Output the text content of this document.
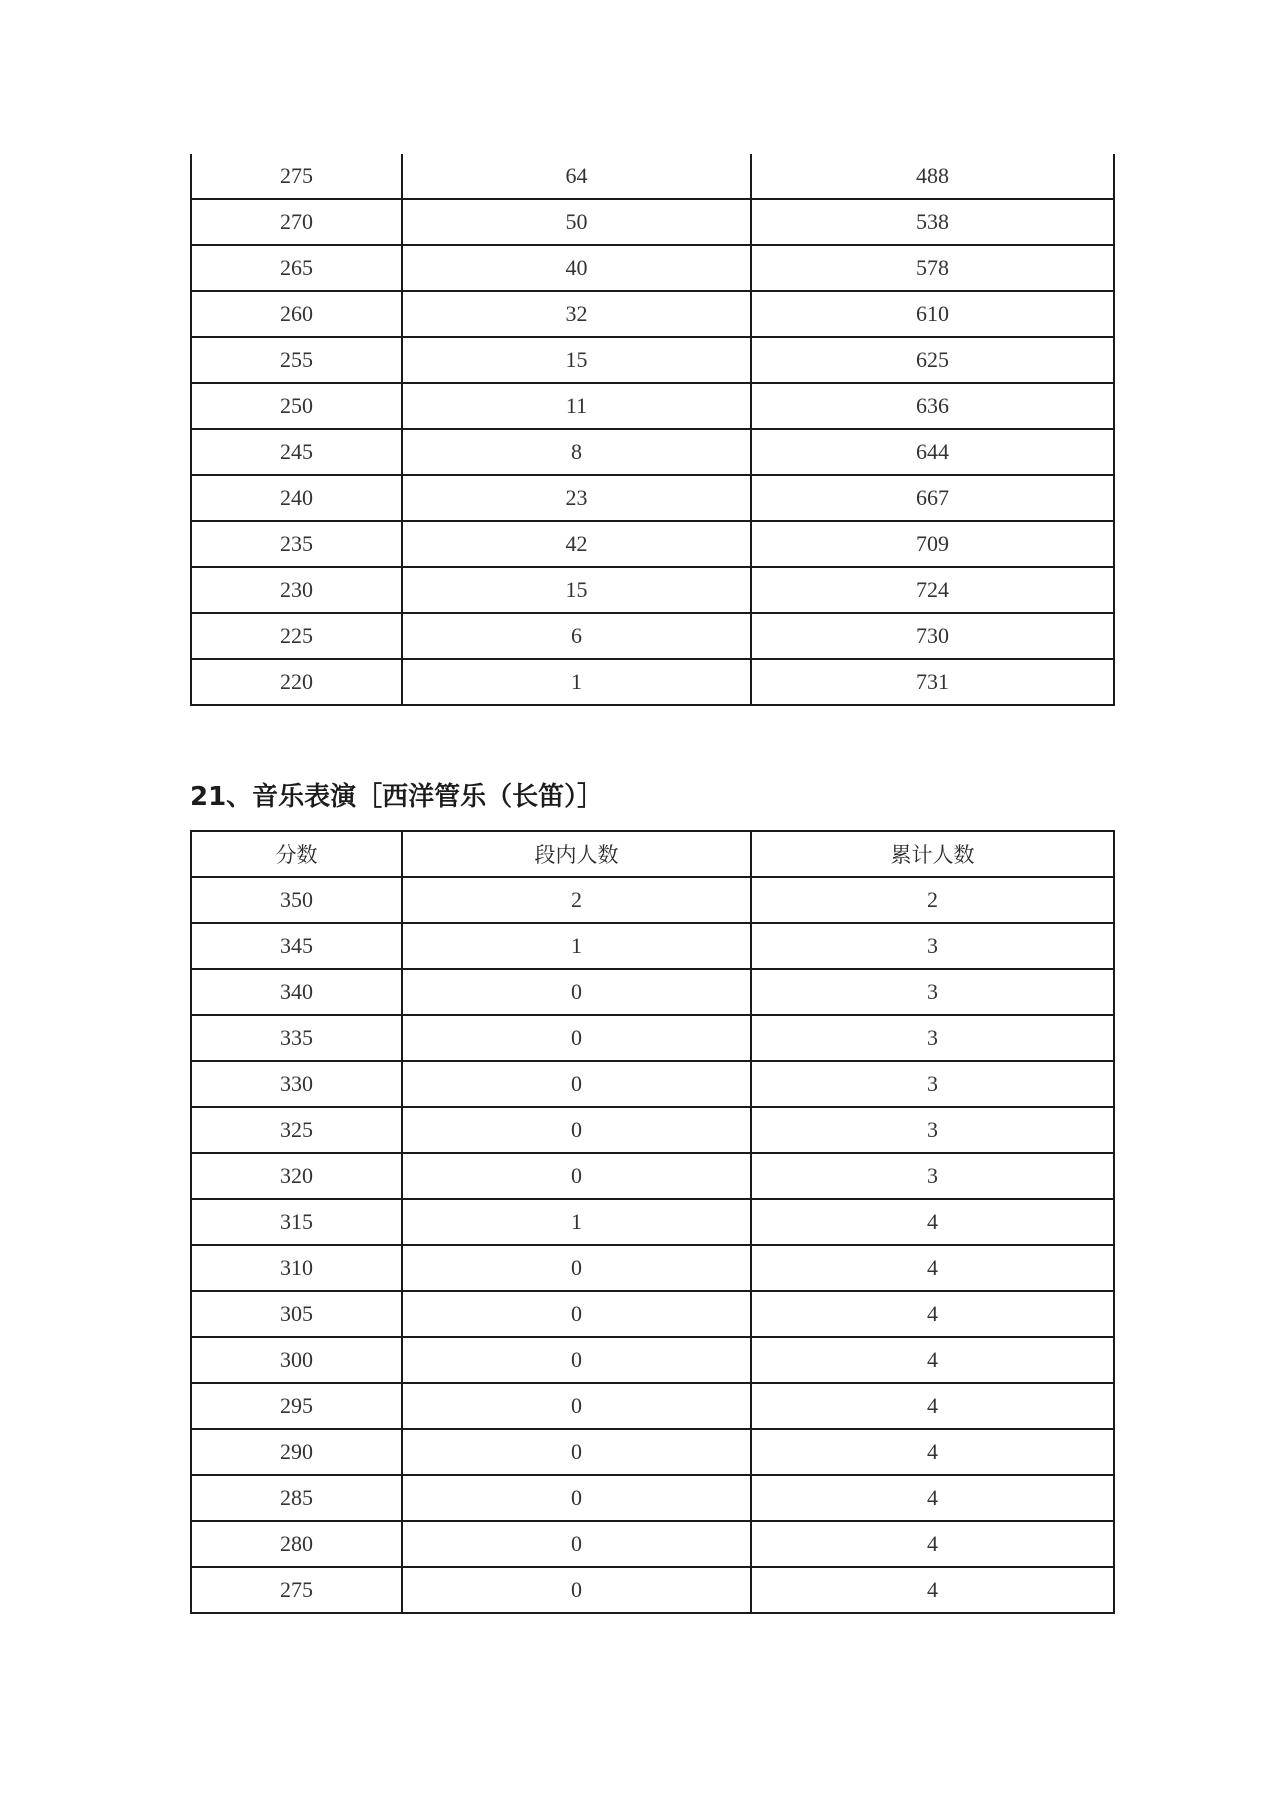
275	64	488
270	50	538
265	40	578
260	32	610
255	15	625
250	11	636
245	8	644
240	23	667
235	42	709
230	15	724
225	6	730
220	1	731
21、音乐表演［西洋管乐（长笛）］
分数	段内人数	累计人数
350	2	2
345	1	3
340	0	3
335	0	3
330	0	3
325	0	3
320	0	3
315	1	4
310	0	4
305	0	4
300	0	4
295	0	4
290	0	4
285	0	4
280	0	4
275	0	4
